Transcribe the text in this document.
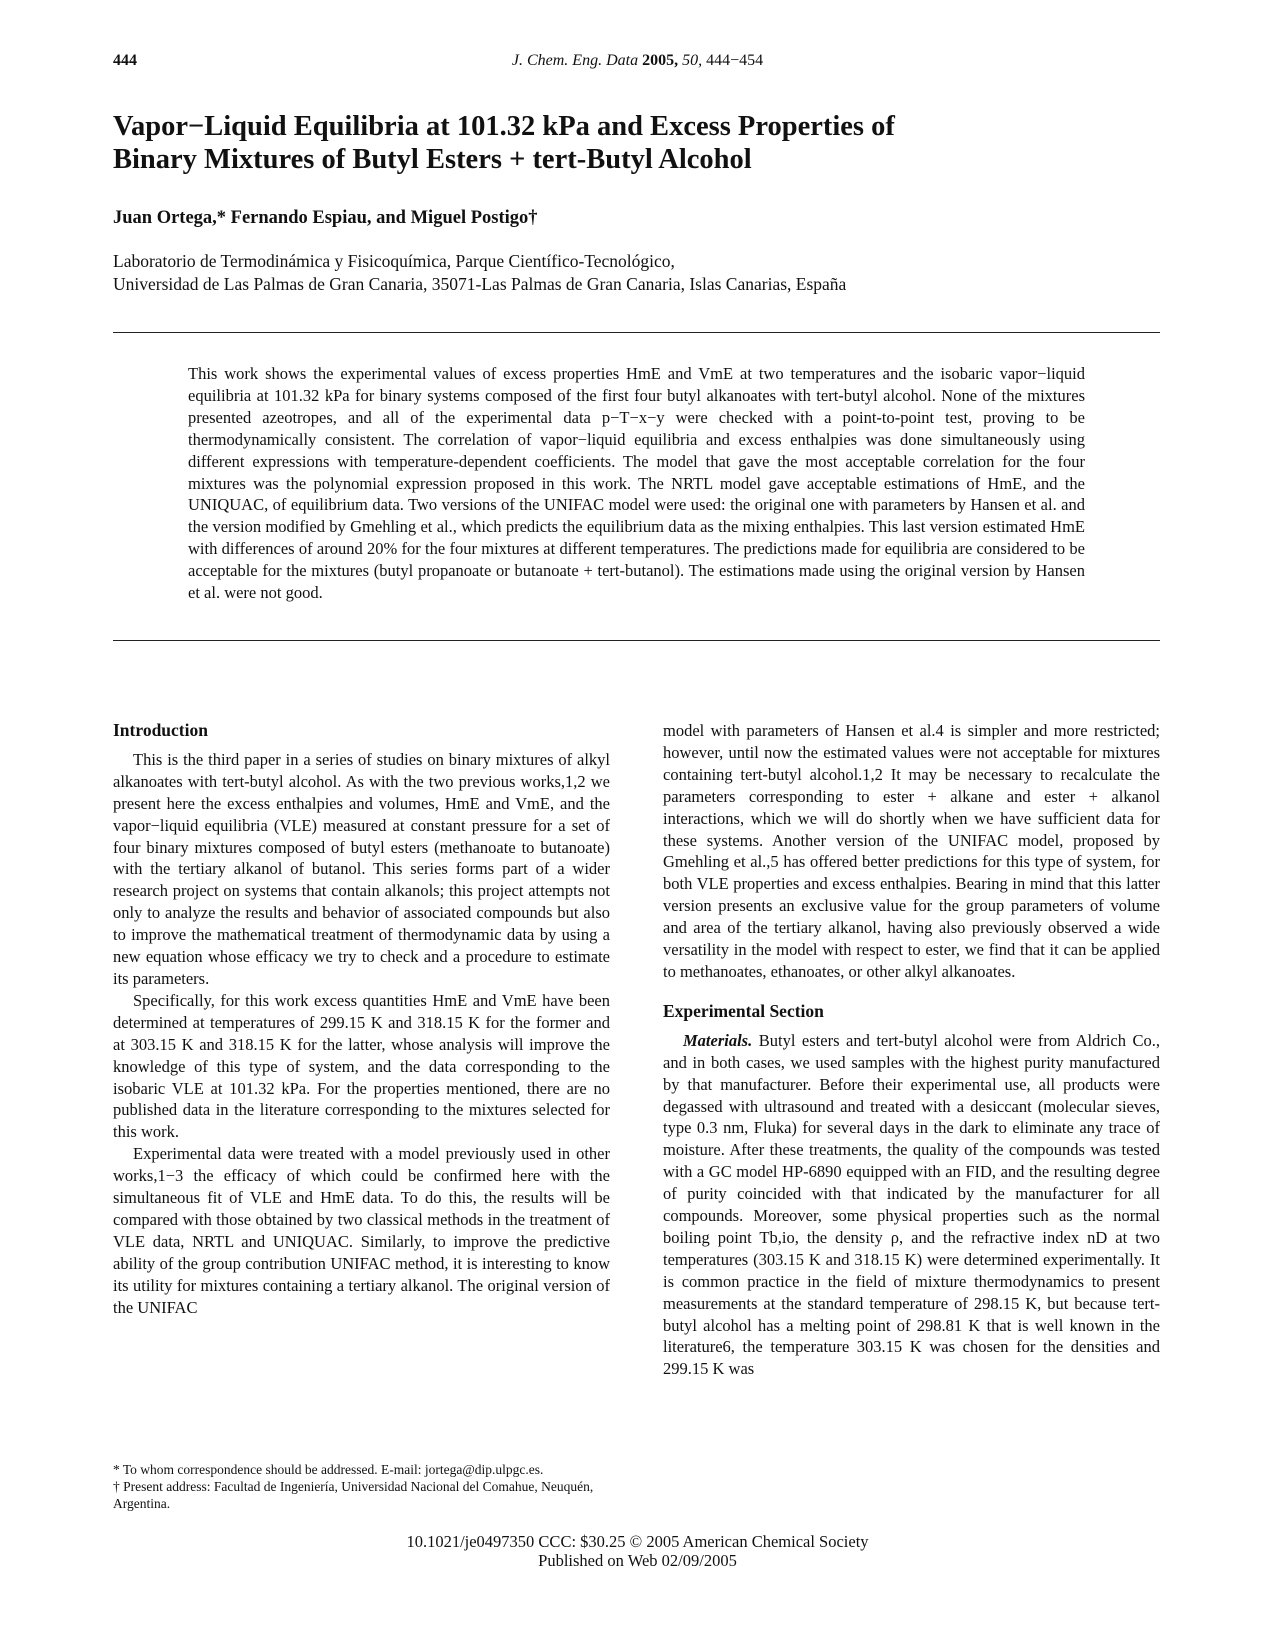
444	J. Chem. Eng. Data 2005, 50, 444−454
Vapor−Liquid Equilibria at 101.32 kPa and Excess Properties of
Binary Mixtures of Butyl Esters + tert-Butyl Alcohol
Juan Ortega,* Fernando Espiau, and Miguel Postigo†
Laboratorio de Termodinámica y Fisicoquímica, Parque Científico-Tecnológico,
Universidad de Las Palmas de Gran Canaria, 35071-Las Palmas de Gran Canaria, Islas Canarias, España

This work shows the experimental values of excess properties HmE and VmE at two temperatures and the isobaric vapor−liquid equilibria at 101.32 kPa for binary systems composed of the first four butyl alkanoates with tert-butyl alcohol. None of the mixtures presented azeotropes, and all of the experimental data p−T−x−y were checked with a point-to-point test, proving to be thermodynamically consistent. The correlation of vapor−liquid equilibria and excess enthalpies was done simultaneously using different expressions with temperature-dependent coefficients. The model that gave the most acceptable correlation for the four mixtures was the polynomial expression proposed in this work. The NRTL model gave acceptable estimations of HmE, and the UNIQUAC, of equilibrium data. Two versions of the UNIFAC model were used: the original one with parameters by Hansen et al. and the version modified by Gmehling et al., which predicts the equilibrium data as the mixing enthalpies. This last version estimated HmE with differences of around 20% for the four mixtures at different temperatures. The predictions made for equilibria are considered to be acceptable for the mixtures (butyl propanoate or butanoate + tert-butanol). The estimations made using the original version by Hansen et al. were not good.

Introduction

This is the third paper in a series of studies on binary mixtures of alkyl alkanoates with tert-butyl alcohol. As with the two previous works,1,2 we present here the excess enthalpies and volumes, HmE and VmE, and the vapor−liquid equilibria (VLE) measured at constant pressure for a set of four binary mixtures composed of butyl esters (methanoate to butanoate) with the tertiary alkanol of butanol. This series forms part of a wider research project on systems that contain alkanols; this project attempts not only to analyze the results and behavior of associated compounds but also to improve the mathematical treatment of thermodynamic data by using a new equation whose efficacy we try to check and a procedure to estimate its parameters.

Specifically, for this work excess quantities HmE and VmE have been determined at temperatures of 299.15 K and 318.15 K for the former and at 303.15 K and 318.15 K for the latter, whose analysis will improve the knowledge of this type of system, and the data corresponding to the isobaric VLE at 101.32 kPa. For the properties mentioned, there are no published data in the literature corresponding to the mixtures selected for this work.

Experimental data were treated with a model previously used in other works,1−3 the efficacy of which could be confirmed here with the simultaneous fit of VLE and HmE data. To do this, the results will be compared with those obtained by two classical methods in the treatment of VLE data, NRTL and UNIQUAC. Similarly, to improve the predictive ability of the group contribution UNIFAC method, it is interesting to know its utility for mixtures containing a tertiary alkanol. The original version of the UNIFAC

* To whom correspondence should be addressed. E-mail: jortega@dip.ulpgc.es.

† Present address: Facultad de Ingeniería, Universidad Nacional del Comahue, Neuquén, Argentina.

model with parameters of Hansen et al.4 is simpler and more restricted; however, until now the estimated values were not acceptable for mixtures containing tert-butyl alcohol.1,2 It may be necessary to recalculate the parameters corresponding to ester + alkane and ester + alkanol interactions, which we will do shortly when we have sufficient data for these systems. Another version of the UNIFAC model, proposed by Gmehling et al.,5 has offered better predictions for this type of system, for both VLE properties and excess enthalpies. Bearing in mind that this latter version presents an exclusive value for the group parameters of volume and area of the tertiary alkanol, having also previously observed a wide versatility in the model with respect to ester, we find that it can be applied to methanoates, ethanoates, or other alkyl alkanoates.

Experimental Section

Materials. Butyl esters and tert-butyl alcohol were from Aldrich Co., and in both cases, we used samples with the highest purity manufactured by that manufacturer. Before their experimental use, all products were degassed with ultrasound and treated with a desiccant (molecular sieves, type 0.3 nm, Fluka) for several days in the dark to eliminate any trace of moisture. After these treatments, the quality of the compounds was tested with a GC model HP-6890 equipped with an FID, and the resulting degree of purity coincided with that indicated by the manufacturer for all compounds. Moreover, some physical properties such as the normal boiling point Tb,io, the density ρ, and the refractive index nD at two temperatures (303.15 K and 318.15 K) were determined experimentally. It is common practice in the field of mixture thermodynamics to present measurements at the standard temperature of 298.15 K, but because tert-butyl alcohol has a melting point of 298.81 K that is well known in the literature6, the temperature 303.15 K was chosen for the densities and 299.15 K was

10.1021/je0497350 CCC: $30.25 © 2005 American Chemical Society
Published on Web 02/09/2005
